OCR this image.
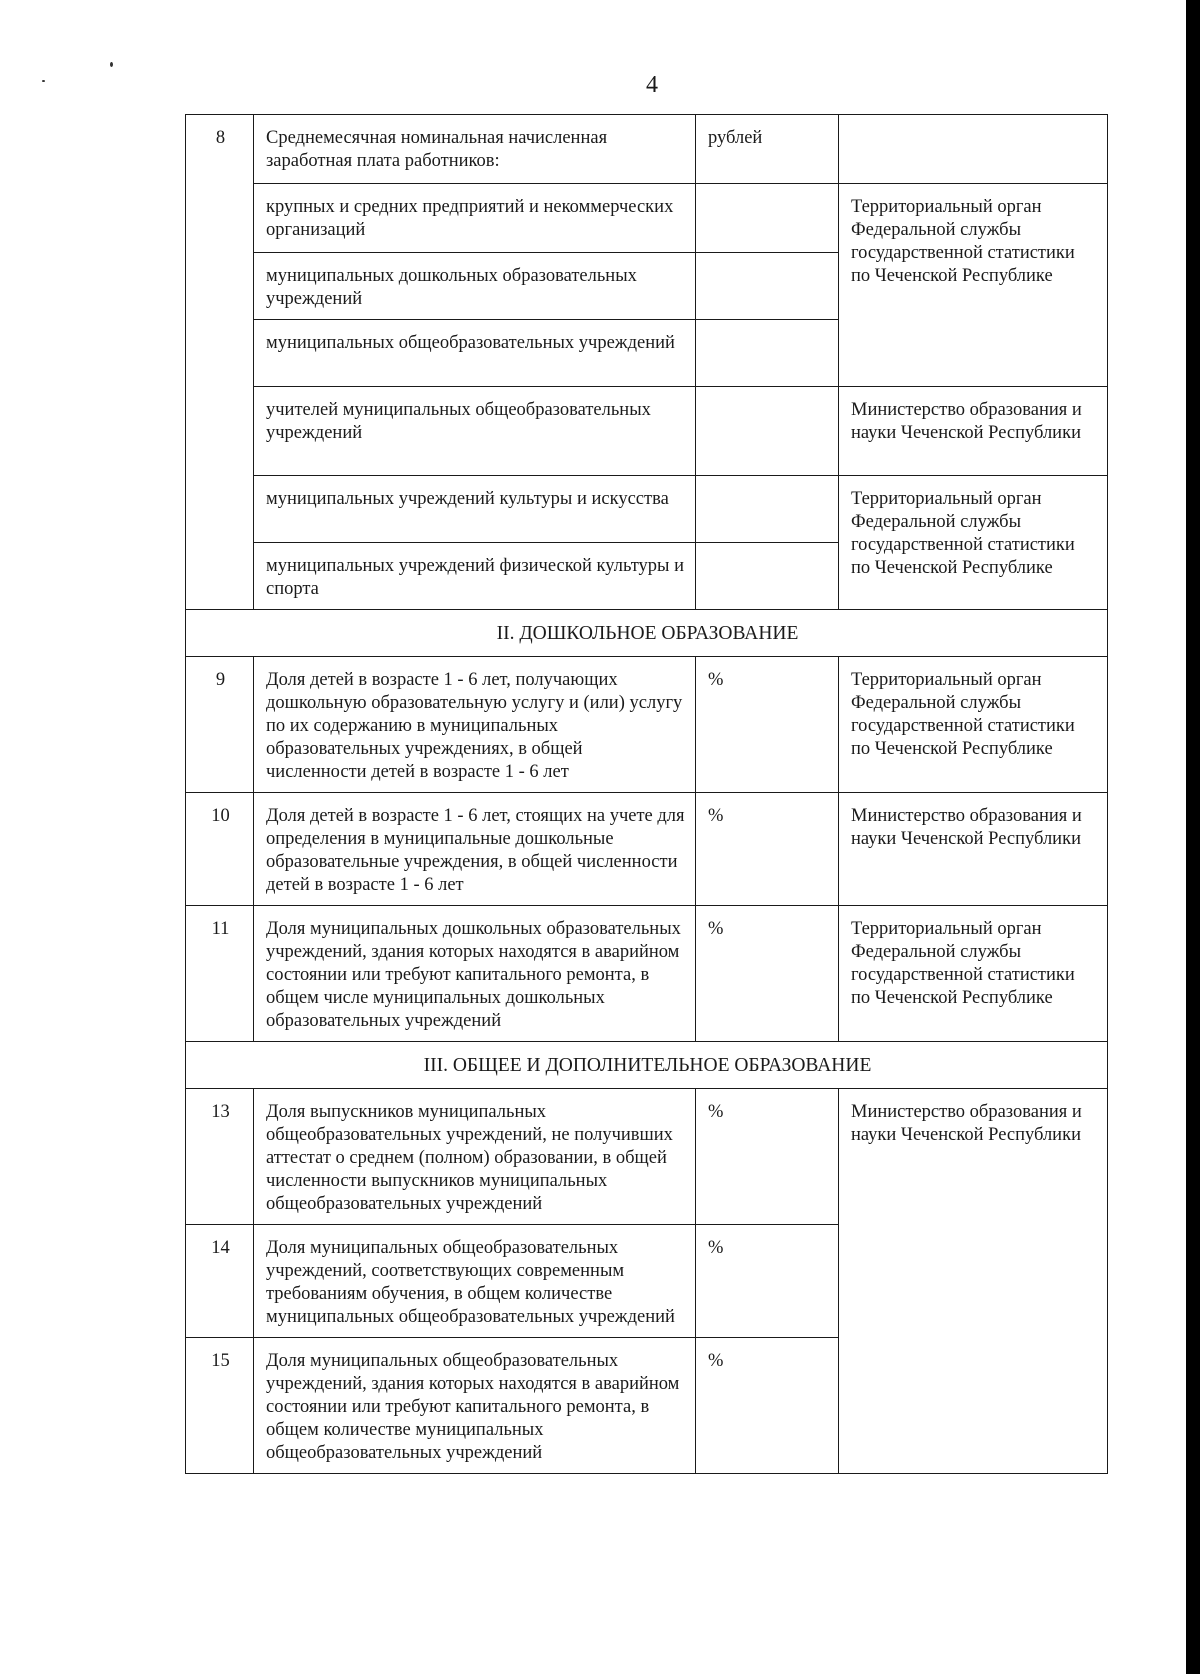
4
8	Среднемесячная номинальная начисленная заработная плата работников:	рублей	
	крупных и средних предприятий и некоммерческих организаций		Территориальный орган Федеральной службы государственной статистики по Чеченской Республике
	муниципальных дошкольных образовательных учреждений		
	муниципальных общеобразовательных учреждений		
	учителей муниципальных общеобразовательных учреждений		Министерство образования и науки Чеченской Республики
	муниципальных учреждений культуры и искусства		Территориальный орган Федеральной службы государственной статистики по Чеченской Республике
	муниципальных учреждений физической культуры и спорта		
II. ДОШКОЛЬНОЕ ОБРАЗОВАНИЕ			
9	Доля детей в возрасте 1 - 6 лет, получающих дошкольную образовательную услугу и (или) услугу по их содержанию в муниципальных образовательных учреждениях, в общей численности детей в возрасте 1 - 6 лет	%	Территориальный орган Федеральной службы государственной статистики по Чеченской Республике
10	Доля детей в возрасте 1 - 6 лет, стоящих на учете для определения в муниципальные дошкольные образовательные учреждения, в общей численности детей в возрасте 1 - 6 лет	%	Министерство образования и науки Чеченской Республики
11	Доля муниципальных дошкольных образовательных учреждений, здания которых находятся в аварийном состоянии или требуют капитального ремонта, в общем числе муниципальных дошкольных образовательных учреждений	%	Территориальный орган Федеральной службы государственной статистики по Чеченской Республике
III. ОБЩЕЕ И ДОПОЛНИТЕЛЬНОЕ ОБРАЗОВАНИЕ			
13	Доля выпускников муниципальных общеобразовательных учреждений, не получивших аттестат о среднем (полном) образовании, в общей численности выпускников муниципальных общеобразовательных учреждений	%	Министерство образования и науки Чеченской Республики
14	Доля муниципальных общеобразовательных учреждений, соответствующих современным требованиям обучения, в общем количестве муниципальных общеобразовательных учреждений	%	
15	Доля муниципальных общеобразовательных учреждений, здания которых находятся в аварийном состоянии или требуют капитального ремонта, в общем количестве муниципальных общеобразовательных учреждений	%	
